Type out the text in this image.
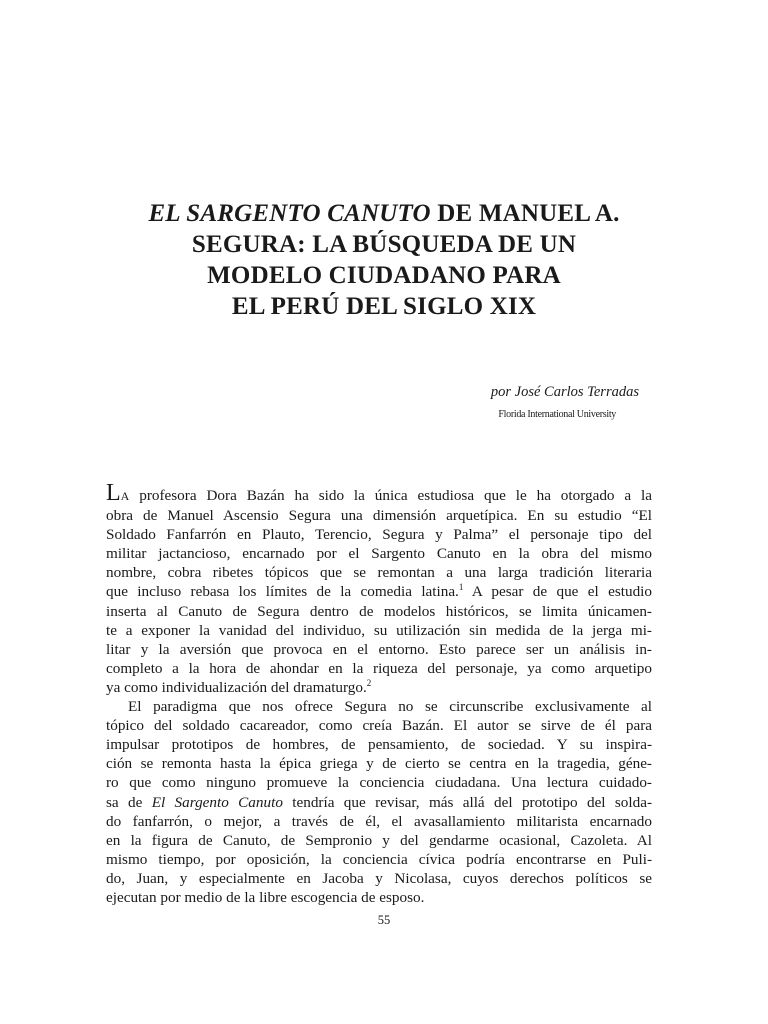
EL SARGENTO CANUTO DE MANUEL A.
SEGURA: LA BÚSQUEDA DE UN
MODELO CIUDADANO PARA
EL PERÚ DEL SIGLO XIX

por José Carlos Terradas

Florida International University

LA profesora Dora Bazán ha sido la única estudiosa que le ha otorgado a la
obra de Manuel Ascensio Segura una dimensión arquetípica. En su estudio “El
Soldado Fanfarrón en Plauto, Terencio, Segura y Palma” el personaje tipo del
militar jactancioso, encarnado por el Sargento Canuto en la obra del mismo
nombre, cobra ribetes tópicos que se remontan a una larga tradición literaria
que incluso rebasa los límites de la comedia latina.$^1$ A pesar de que el estudio
inserta al Canuto de Segura dentro de modelos históricos, se limita únicamen-
te a exponer la vanidad del individuo, su utilización sin medida de la jerga mi-
litar y la aversión que provoca en el entorno. Esto parece ser un análisis in-
completo a la hora de ahondar en la riqueza del personaje, ya como arquetipo
ya como individualización del dramaturgo.$^2$

El paradigma que nos ofrece Segura no se circunscribe exclusivamente al
tópico del soldado cacareador, como creía Bazán. El autor se sirve de él para
impulsar prototipos de hombres, de pensamiento, de sociedad. Y su inspira-
ción se remonta hasta la épica griega y de cierto se centra en la tragedia, géne-
ro que como ninguno promueve la conciencia ciudadana. Una lectura cuidado-
sa de El Sargento Canuto tendría que revisar, más allá del prototipo del solda-
do fanfarrón, o mejor, a través de él, el avasallamiento militarista encarnado
en la figura de Canuto, de Sempronio y del gendarme ocasional, Cazoleta. Al
mismo tiempo, por oposición, la conciencia cívica podría encontrarse en Puli-
do, Juan, y especialmente en Jacoba y Nicolasa, cuyos derechos políticos se
ejecutan por medio de la libre escogencia de esposo.

55
